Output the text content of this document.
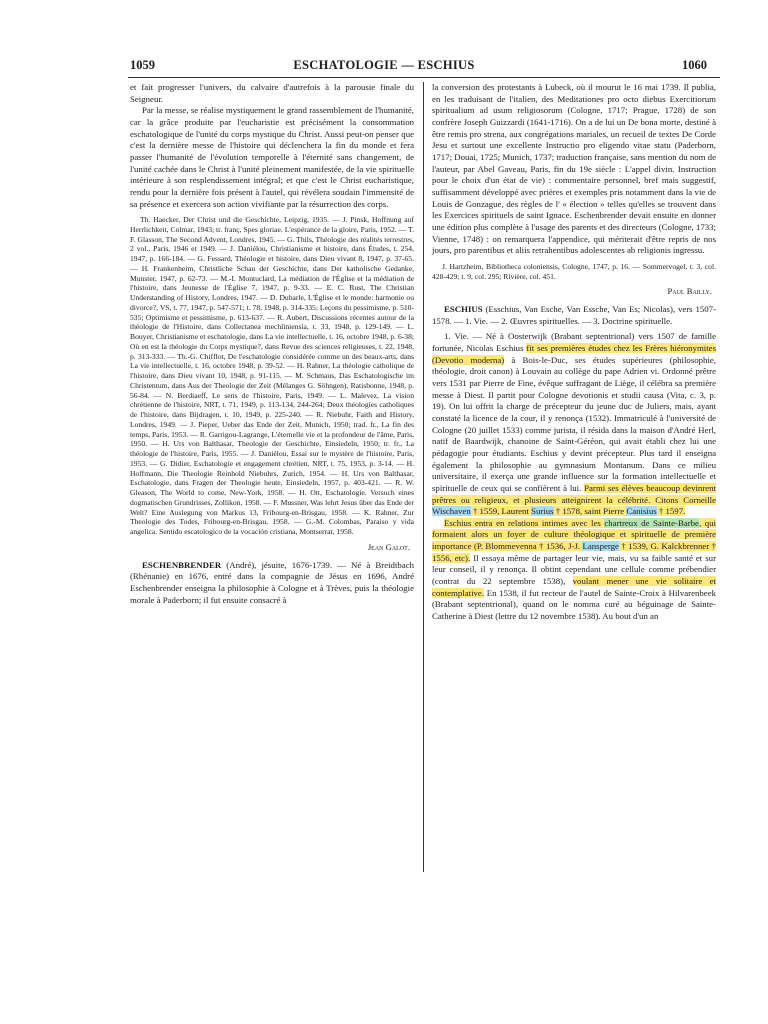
1059	ESCHATOLOGIE — ESCHIUS	1060

et fait progresser l'univers, du calvaire d'autrefois à la parousie finale du Seigneur.

Par la messe, se réalise mystiquement le grand rassemblement de l'humanité, car la grâce produite par l'eucharistie est précisément la consommation eschatologique de l'unité du corps mystique du Christ. Aussi peut-on penser que c'est la dernière messe de l'histoire qui déclenchera la fin du monde et fera passer l'humanité de l'évolution temporelle à l'éternité sans changement, de l'unité cachée dans le Christ à l'unité pleinement manifestée, de la vie spirituelle intérieure à son resplendissement intégral; et que c'est le Christ eucharistique, rendu pour la dernière fois présent à l'autel, qui révélera soudain l'immensité de sa présence et exercera son action vivifiante par la résurrection des corps.

Th. Haecker, Der Christ und die Geschichte, Leipzig, 1935. — J. Pinsk, Hoffnung auf Herrlichkeit, Colmar, 1943; tr. franç, Spes gloriae. L'espérance de la gloire, Paris, 1952. — T. F. Glasson, The Second Advent, Londres, 1945. — G. Thils, Théologie des réalités terrestres, 2 vol., Paris, 1946 et 1949. — J. Daniélou, Christianisme et histoire, dans Études, t. 254, 1947, p. 166-184. — G. Fessard, Théologie et histoire, dans Dieu vivant 8, 1947, p. 37-65. — H. Frankenheim, Christliche Schau der Geschichte, dans Der katholische Gedanke, Munster, 1947, p. 62-73. — M.-I. Montuclard, La médiation de l'Église et la médiation de l'histoire, dans Jeunesse de l'Église 7, 1947, p. 9-33. — E. C. Rust, The Christian Understanding of History, Londres, 1947. — D. Dubarle, L'Église et le monde: harmonie ou divorce?, VS, t. 77, 1947, p. 547-571; t. 78, 1948, p. 314-335; Leçons du pessimisme, p. 510-535; Optimisme et pessimisme, p. 613-637. — R. Aubert, Discussions récentes autour de la théologie de l'Histoire, dans Collectanea mechliniensia, t. 33, 1948, p. 129-149. — L. Bouyer, Christianisme et eschatologie, dans La vie intellectuelle, t. 16, octobre 1948, p. 6-38; Où en est la théologie du Corps mystique?, dans Revue des sciences religieuses, t. 22, 1948, p. 313-333. — Th.-G. Chifflot, De l'eschatologie considérée comme un des beaux-arts, dans La vie intellectuelle, t. 16, octobre 1948, p. 39-52. — H. Rahner, La théologie catholique de l'histoire, dans Dieu vivant 10, 1948, p. 91-115. — M. Schmaus, Das Eschatologische im Christentum, dans Aus der Theologie der Zeit (Mélanges G. Söhngen), Ratisbonne, 1948, p. 56-84. — N. Berdiaeff, Le sens de l'histoire, Paris, 1949. — L. Malevez, La vision chrétienne de l'histoire, NRT, t. 71, 1949, p. 113-134, 244-264; Deux théologies catholiques de l'histoire, dans Bijdragen, t. 10, 1949, p. 225-240. — R. Niebuhr, Faith and History, Londres, 1949. — J. Pieper, Ueber das Ende der Zeit, Munich, 1950; trad. fr., La fin des temps, Paris, 1953. — R. Garrigou-Lagrange, L'éternelle vie et la profondeur de l'âme, Paris, 1950. — H. Urs von Balthasar, Theologie der Geschichte, Einsiedeln, 1950; tr. fr., La théologie de l'histoire, Paris, 1955. — J. Daniélou, Essai sur le mystère de l'histoire, Paris, 1953. — G. Didier, Eschatologie et engagement chrétien, NRT, t. 75, 1953, p. 3-14. — H. Hoffmann, Die Theologie Reinhold Niebuhrs, Zurich, 1954. — H. Urs von Balthasar, Eschatologie, dans Fragen der Theologie heute, Einsiedeln, 1957, p. 403-421. — R. W. Gleason, The World to come, New-York, 1958. — H. Ott, Eschatologie. Versuch eines dogmatischen Grundrisses, Zollikon, 1958. — F. Mussner, Was lehrt Jesus über das Ende der Welt? Eine Auslegung von Markus 13, Fribourg-en-Brisgau, 1958. — K. Rahner, Zur Theologie des Todes, Fribourg-en-Brisgau, 1958. — G.-M. Colombas, Paraiso y vida angelica. Sentido escatologico de la vocación cristiana, Montserrat, 1958.

Jean Galot.

ESCHENBRENDER (André), jésuite, 1676-1739. — Né à Breidtbach (Rhénanie) en 1676, entré dans la compagnie de Jésus en 1696, André Eschenbrender enseigna la philosophie à Cologne et à Trèves, puis la théologie morale à Paderborn; il fut ensuite consacré à

la conversion des protestants à Lubeck, où il mourut le 16 mai 1739. Il publia, en les traduisant de l'italien, des Meditationes pro octo diebus Exercitiorum spiritualium ad usum religiosorum (Cologne, 1717; Prague, 1728) de son confrère Joseph Guizzardi (1641-1716). On a de lui un De bona morte, destiné à être remis pro strena, aux congrégations mariales, un recueil de textes De Corde Jesu et surtout une excellente Instructio pro eligendo vitae statu (Paderborn, 1717; Douai, 1725; Munich, 1737; traduction française, sans mention du nom de l'auteur, par Abel Gaveau, Paris, fin du 19e siècle : L'appel divin. Instruction pour le choix d'un état de vie) : commentaire personnel, bref mais suggestif, suffisamment développé avec prières et exemples pris notamment dans la vie de Louis de Gonzague, des règles de l' « élection » telles qu'elles se trouvent dans les Exercices spirituels de saint Ignace. Eschenbrender devait ensuite en donner une édition plus complète à l'usage des parents et des directeurs (Cologne, 1733; Vienne, 1748) : on remarquera l'appendice, qui mériterait d'être repris de nos jours, pro parentibus et aliis retrahentibus adolescentes ab religionis ingressu.

J. Hartzheim, Bibliotheca coloniensis, Cologne, 1747, p. 16. — Sommervogel, t. 3, col. 428-429; t. 9, col. 295; Rivière, col. 451.

Paul Bailly.

ESCHIUS (Esschius, Van Esche, Van Essche, Van Es; Nicolas), vers 1507-1578. — 1. Vie. — 2. Œuvres spirituelles. — 3. Doctrine spirituelle.

1. Vie. — Né à Oosterwijk (Brabant septentrional) vers 1507 de famille fortunée, Nicolas Eschius fit ses premières études chez les Frères hiéronymites (Devotio moderna) à Bois-le-Duc, ses études supérieures (philosophie, théologie, droit canon) à Louvain au collège du pape Adrien vi. Ordonné prêtre vers 1531 par Pierre de Fine, évêque suffragant de Liège, il célébra sa première messe à Diest. Il partit pour Cologne devotionis et studii causa (Vita, c. 3, p. 19). On lui offrit la charge de précepteur du jeune duc de Juliers, mais, ayant constaté la licence de la cour, il y renonça (1532). Immatriculé à l'université de Cologne (20 juillet 1533) comme jurista, il résida dans la maison d'André Herl, natif de Baardwijk, chanoine de Saint-Géréon, qui avait établi chez lui une pédagogie pour étudiants. Eschius y devint précepteur. Plus tard il enseigna également la philosophie au gymnasium Montanum. Dans ce milieu universitaire, il exerça une grande influence sur la formation intellectuelle et spirituelle de ceux qui se confièrent à lui. Parmi ses élèves beaucoup devinrent prêtres ou religieux, et plusieurs atteignirent la célébrité. Citons Corneille Wischaven † 1559, Laurent Surius † 1578, saint Pierre Canisius † 1597.

Eschius entra en relations intimes avec les chartreux de Sainte-Barbe, qui formaient alors un foyer de culture théologique et spirituelle de première importance (P. Blommevenna † 1536, J-J. Lansperge † 1539, G. Kalckbrenner † 1556, etc). Il essaya même de partager leur vie, mais, vu sa faible santé et sur leur conseil, il y renonça. Il obtint cependant une cellule comme prébendier (contrat du 22 septembre 1538), voulant mener une vie solitaire et contemplative. En 1538, il fut recteur de l'autel de Sainte-Croix à Hilvarenbeek (Brabant septentrional), quand on le nomma curé au béguinage de Sainte-Catherine à Diest (lettre du 12 novembre 1538). Au bout d'un an
